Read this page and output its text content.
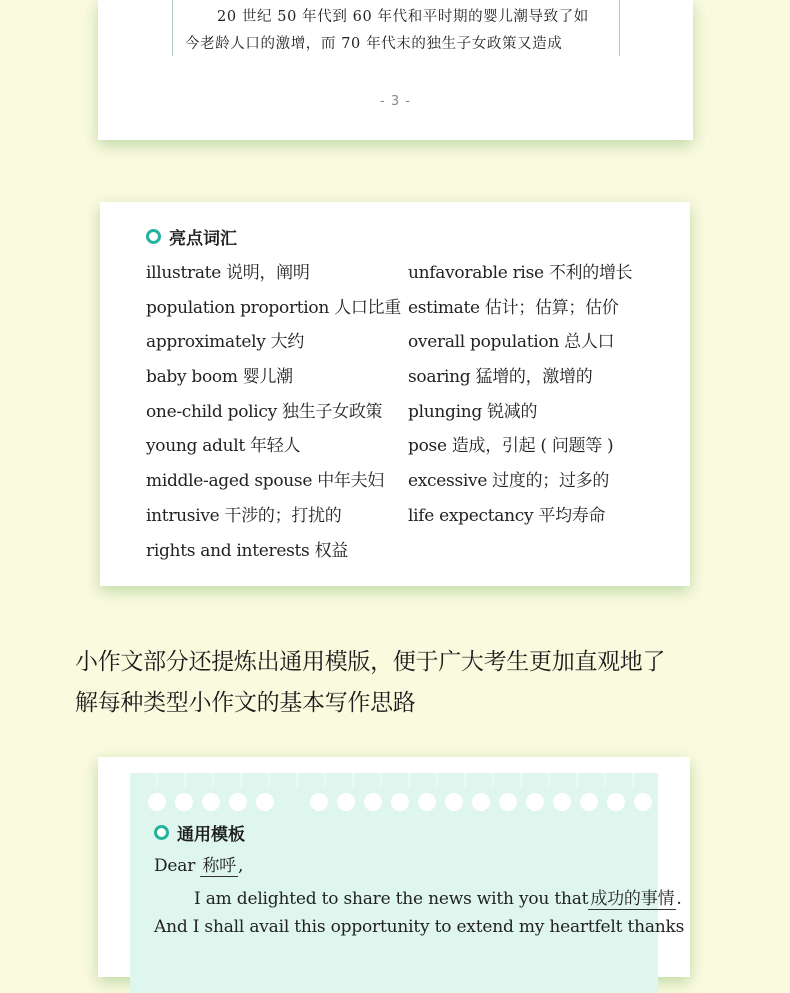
20 世纪 50 年代到 60 年代和平时期的婴儿潮导致了如
今老龄人口的激增，而 70 年代末的独生子女政策又造成
- 3 -
亮点词汇
illustrate 说明，阐明
population proportion 人口比重
approximately 大约
baby boom 婴儿潮
one-child policy 独生子女政策
young adult 年轻人
middle-aged spouse 中年夫妇
intrusive 干涉的；打扰的
rights and interests 权益
unfavorable rise 不利的增长
estimate 估计；估算；估价
overall population 总人口
soaring 猛增的，激增的
plunging 锐减的
pose 造成，引起 ( 问题等 )
excessive 过度的；过多的
life expectancy 平均寿命
小作文部分还提炼出通用模版，便于广大考生更加直观地了
解每种类型小作文的基本写作思路
通用模板
Dear 称呼 ,
I am delighted to share the news with you that 成功的事情 .
And I shall avail this opportunity to extend my heartfelt thanks
